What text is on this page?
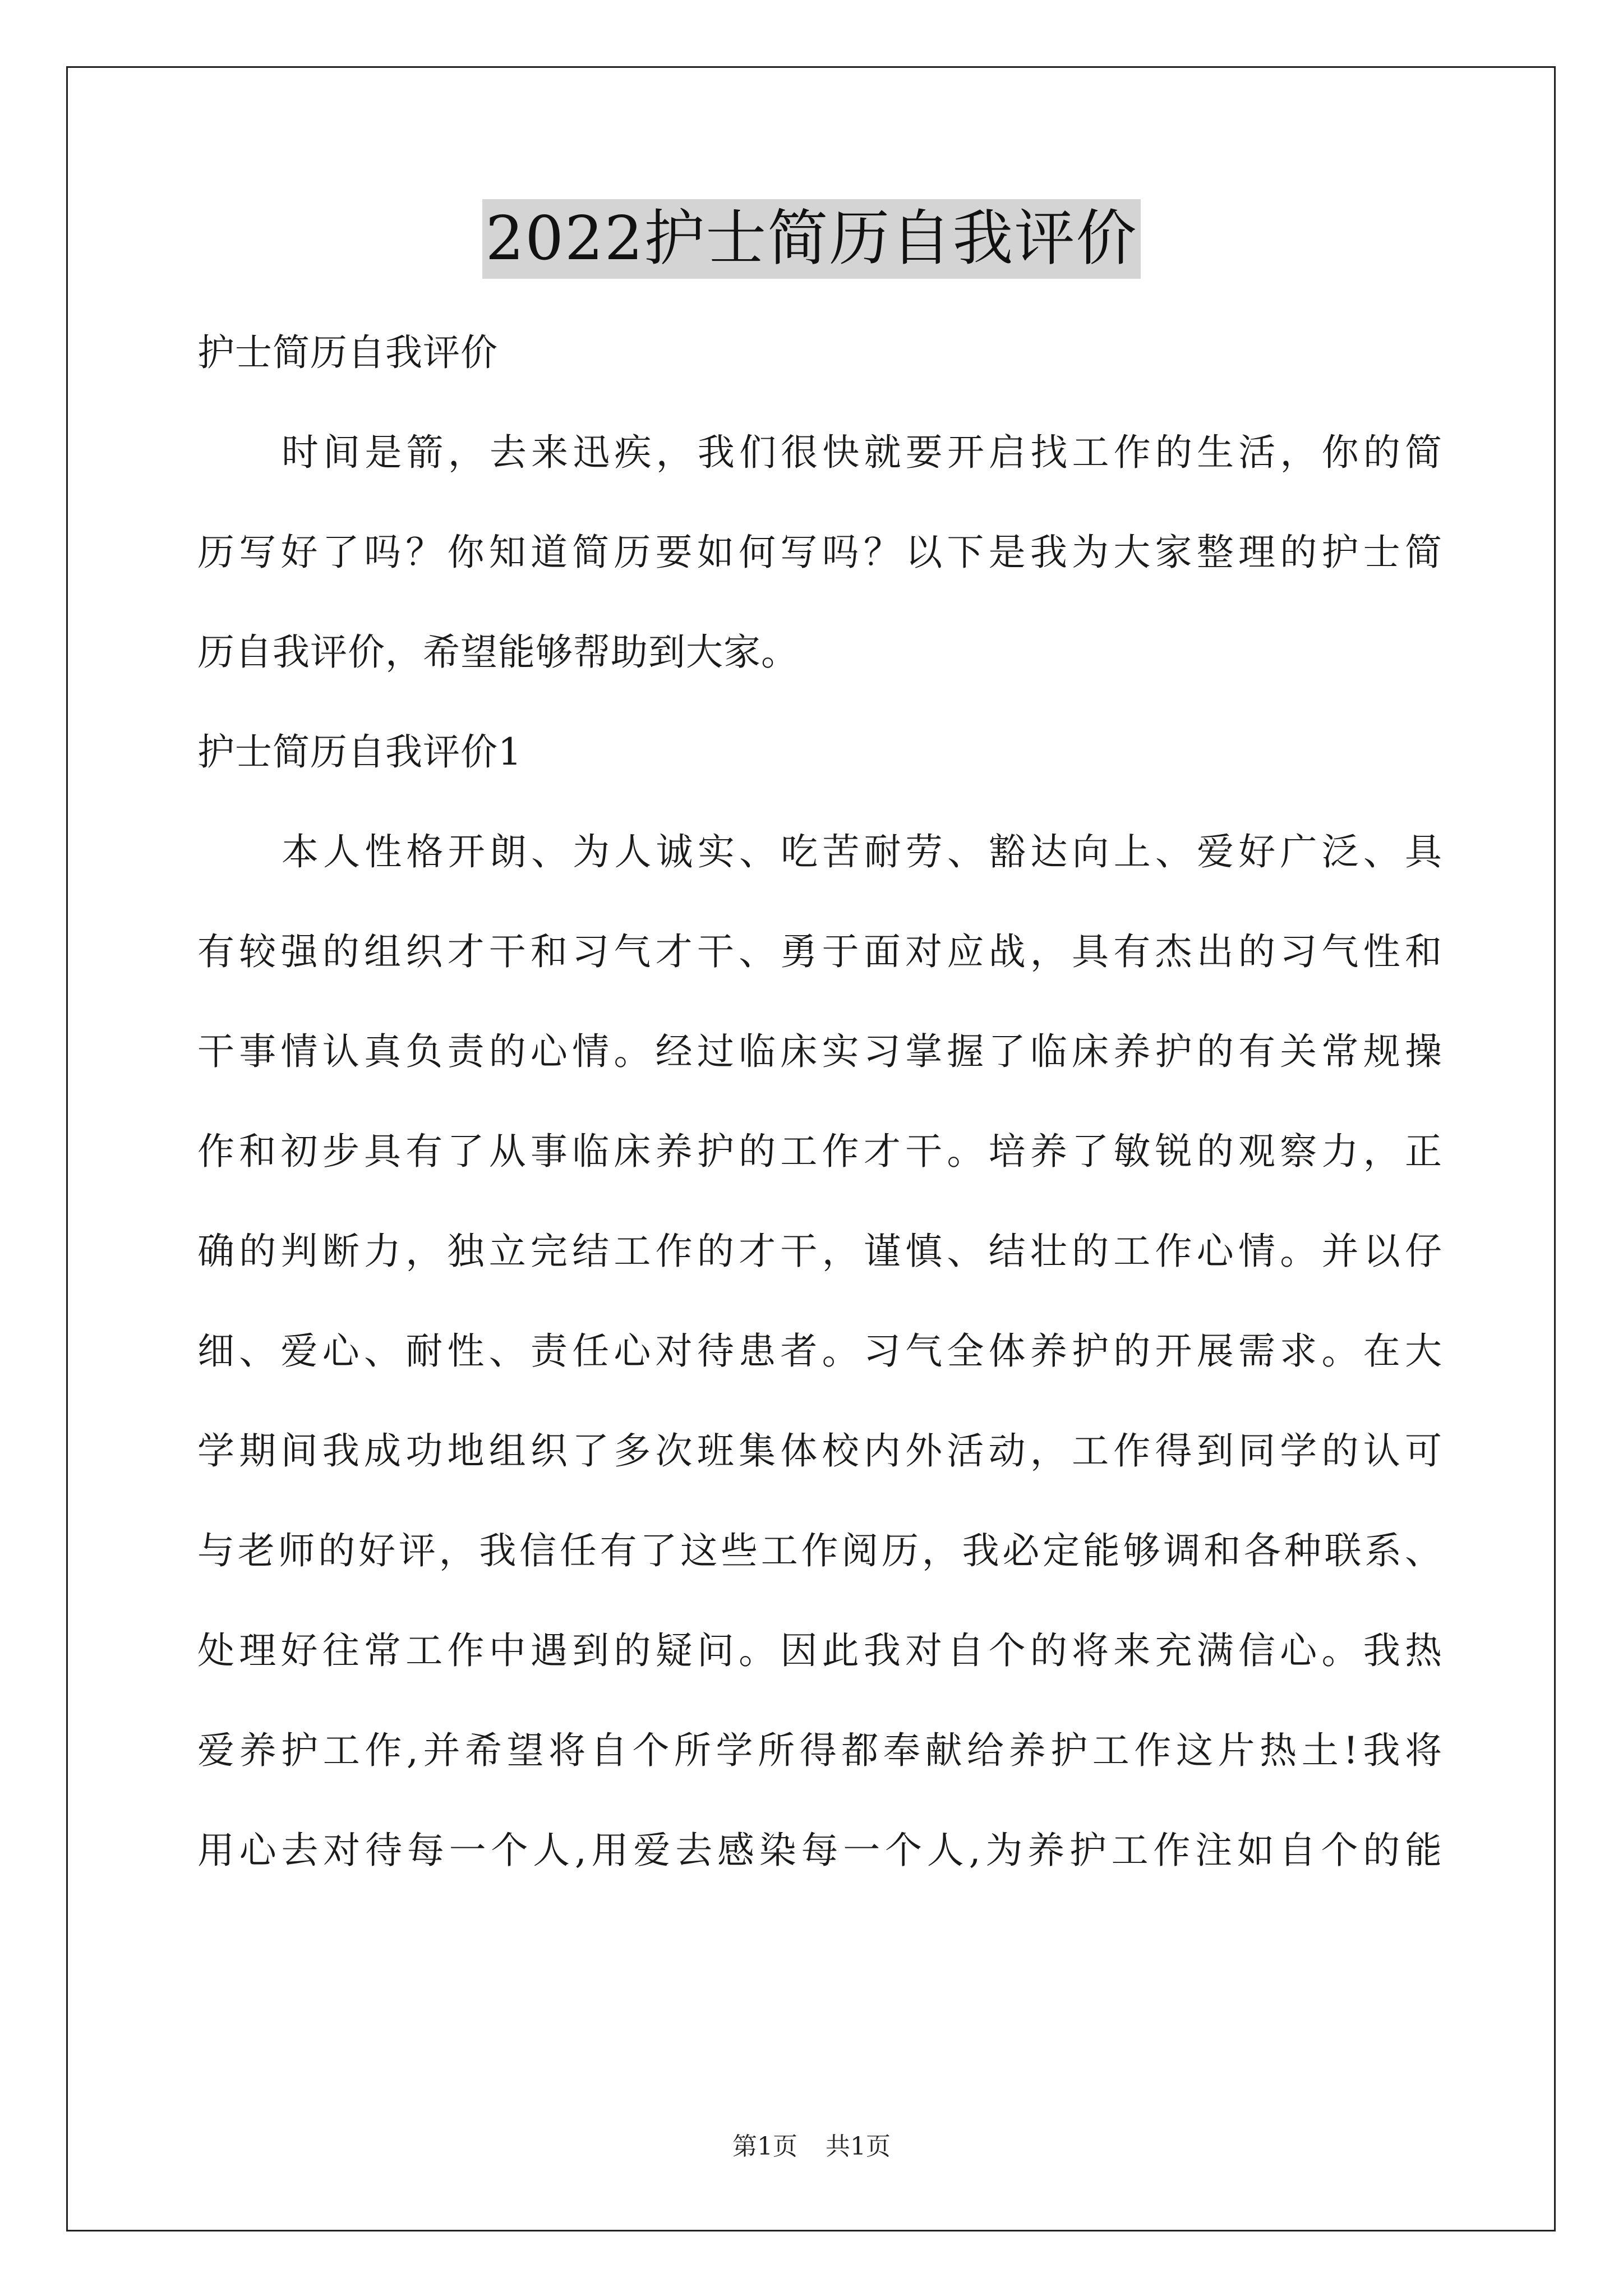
2022护士简历自我评价
护士简历自我评价
时间是箭，去来迅疾，我们很快就要开启找工作的生活，你的简
历写好了吗？你知道简历要如何写吗？以下是我为大家整理的护士简
历自我评价，希望能够帮助到大家。
护士简历自我评价1
本人性格开朗、为人诚实、吃苦耐劳、豁达向上、爱好广泛、具
有较强的组织才干和习气才干、勇于面对应战，具有杰出的习气性和
干事情认真负责的心情。经过临床实习掌握了临床养护的有关常规操
作和初步具有了从事临床养护的工作才干。培养了敏锐的观察力，正
确的判断力，独立完结工作的才干，谨慎、结壮的工作心情。并以仔
细、爱心、耐性、责任心对待患者。习气全体养护的开展需求。在大
学期间我成功地组织了多次班集体校内外活动，工作得到同学的认可
与老师的好评，我信任有了这些工作阅历，我必定能够调和各种联系、
处理好往常工作中遇到的疑问。因此我对自个的将来充满信心。我热
爱养护工作,并希望将自个所学所得都奉献给养护工作这片热土!我将
用心去对待每一个人,用爱去感染每一个人,为养护工作注如自个的能
第1页 共1页
